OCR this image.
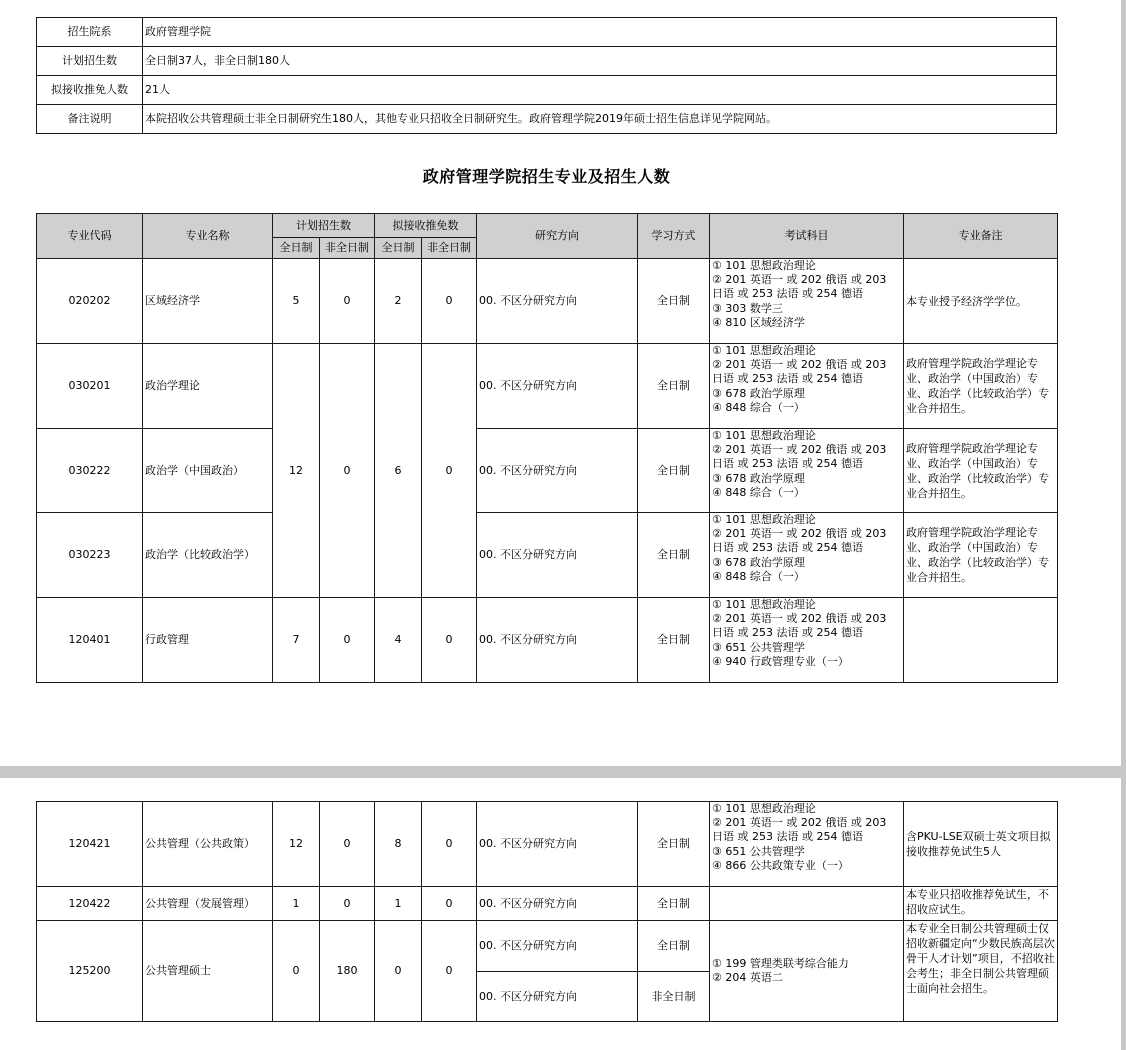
招生院系	政府管理学院
计划招生数	全日制37人，非全日制180人
拟接收推免人数	21人
备注说明	本院招收公共管理硕士非全日制研究生180人，其他专业只招收全日制研究生。政府管理学院2019年硕士招生信息详见学院网站。
政府管理学院招生专业及招生人数
专业代码	专业名称	计划招生数		拟接收推免数		研究方向	学习方式	考试科目	专业备注
		全日制	非全日制	全日制	非全日制				
020202	区域经济学	5	0	2	0	00. 不区分研究方向	全日制	① 101 思想政治理论
② 201 英语一 或 202 俄语 或 203
日语 或 253 法语 或 254 德语
③ 303 数学三
④ 810 区域经济学	本专业授予经济学学位。
030201	政治学理论	12	0	6	0	00. 不区分研究方向	全日制	① 101 思想政治理论
② 201 英语一 或 202 俄语 或 203
日语 或 253 法语 或 254 德语
③ 678 政治学原理
④ 848 综合（一）	政府管理学院政治学理论专业、政治学（中国政治）专业、政治学（比较政治学）专业合并招生。
030222	政治学（中国政治）					00. 不区分研究方向	全日制	① 101 思想政治理论
② 201 英语一 或 202 俄语 或 203
日语 或 253 法语 或 254 德语
③ 678 政治学原理
④ 848 综合（一）	政府管理学院政治学理论专业、政治学（中国政治）专业、政治学（比较政治学）专业合并招生。
030223	政治学（比较政治学）					00. 不区分研究方向	全日制	① 101 思想政治理论
② 201 英语一 或 202 俄语 或 203
日语 或 253 法语 或 254 德语
③ 678 政治学原理
④ 848 综合（一）	政府管理学院政治学理论专业、政治学（中国政治）专业、政治学（比较政治学）专业合并招生。
120401	行政管理	7	0	4	0	00. 不区分研究方向	全日制	① 101 思想政治理论
② 201 英语一 或 202 俄语 或 203
日语 或 253 法语 或 254 德语
③ 651 公共管理学
④ 940 行政管理专业（一）	

120421	公共管理（公共政策）	12	0	8	0	00. 不区分研究方向	全日制	① 101 思想政治理论
② 201 英语一 或 202 俄语 或 203
日语 或 253 法语 或 254 德语
③ 651 公共管理学
④ 866 公共政策专业（一）	含PKU-LSE双硕士英文项目拟接收推荐免试生5人
120422	公共管理（发展管理）	1	0	1	0	00. 不区分研究方向	全日制		本专业只招收推荐免试生，不招收应试生。
125200	公共管理硕士	0	180	0	0	00. 不区分研究方向	全日制	① 199 管理类联考综合能力
② 204 英语二	本专业全日制公共管理硕士仅招收新疆定向“少数民族高层次骨干人才计划”项目，不招收社会考生；非全日制公共管理硕士面向社会招生。
						00. 不区分研究方向	非全日制		
